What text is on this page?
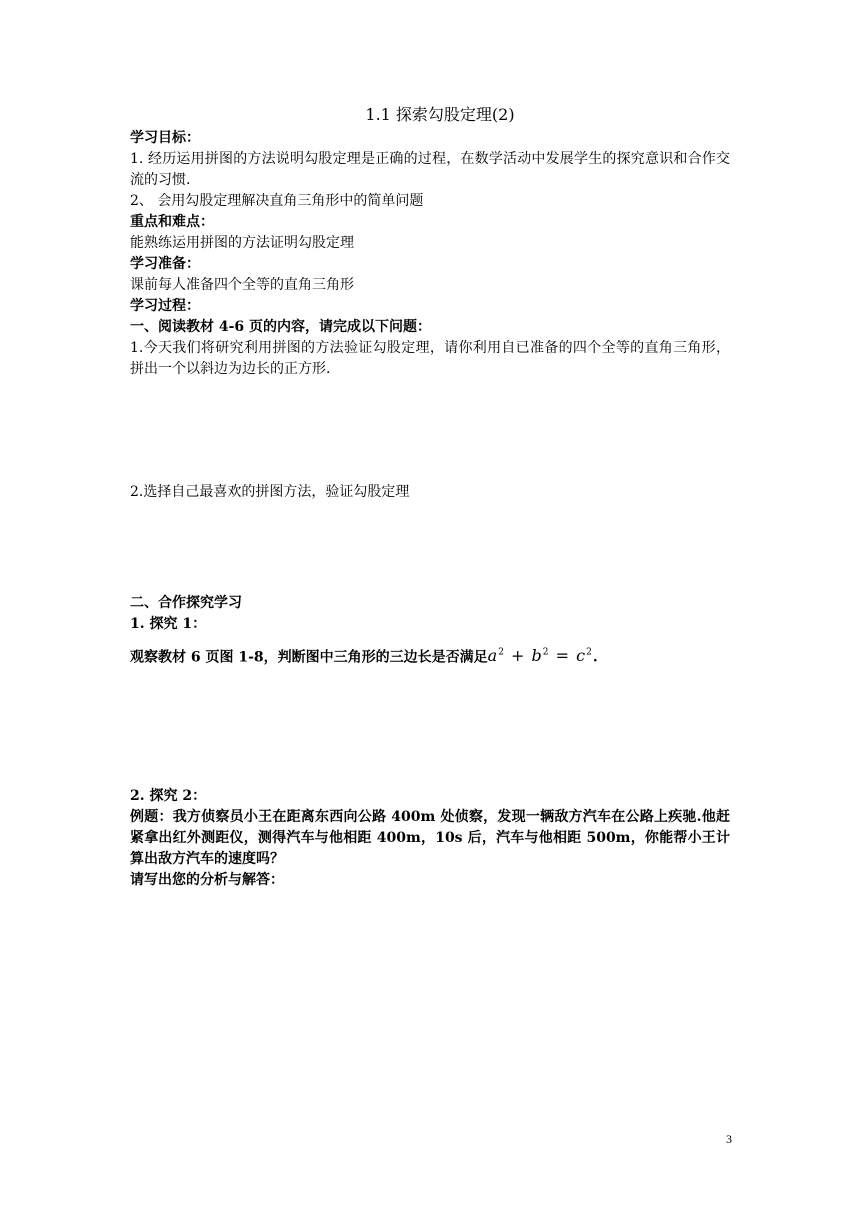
1.1 探索勾股定理(2)

学习目标：

1. 经历运用拼图的方法说明勾股定理是正确的过程，在数学活动中发展学生的探究意识和合作交流的习惯.

2、 会用勾股定理解决直角三角形中的简单问题

重点和难点：

能熟练运用拼图的方法证明勾股定理

学习准备：

课前每人准备四个全等的直角三角形

学习过程：

一、阅读教材 4-6 页的内容，请完成以下问题：

1.今天我们将研究利用拼图的方法验证勾股定理，请你利用自已准备的四个全等的直角三角形，拼出一个以斜边为边长的正方形.

2.选择自己最喜欢的拼图方法，验证勾股定理

二、合作探究学习

1. 探究 1：

观察教材 6 页图 1-8，判断图中三角形的三边长是否满足$a^2 + b^2 = c^2$.

2. 探究 2：

例题：我方侦察员小王在距离东西向公路 400m 处侦察，发现一辆敌方汽车在公路上疾驰.他赶紧拿出红外测距仪，测得汽车与他相距 400m，10s 后，汽车与他相距 500m，你能帮小王计算出敌方汽车的速度吗？

请写出您的分析与解答：

3
